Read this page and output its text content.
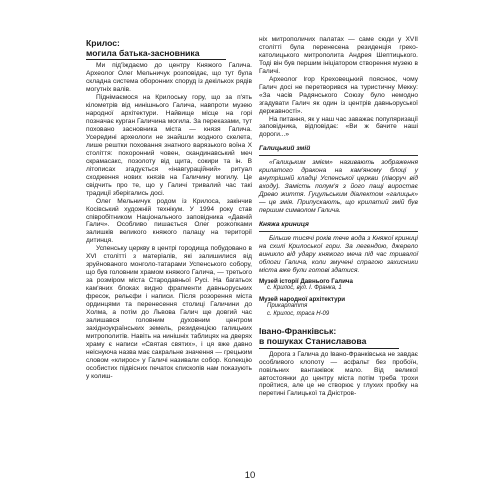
Крилос:
могила батька-засновника

Ми під'їждаємо до центру Княжого Галича. Археолог Олег Мельничук розповідає, що тут була складна система оборонних споруд із декількох рядів могутніх валів.

Піднімаємося на Крилоську гору, що за п'ять кілометрів від нинішнього Галича, навпроти музею народної архітектури. Найвище місце на горі позначає курган Галичина могила. За переказами, тут поховано засновника міста — князя Галича. Усередині археологи не знайшли жодного скелета, лише рештки поховання знатного варязького воїна Х століття: похоронний човен, скандинавський меч скрамасакс, позолоту від щита, сокири та ін. В літописах згадується «інавгураційний» ритуал сходження нових князів на Галичину могилу. Це свідчить про те, що у Галичі тривалий час такі традиції зберігались досі.

Олег Мельничук родом із Крилоса, закінчив Косівський художній технікум. У 1994 року став співробітником Національного заповідника «Давній Галич». Особливо пишається Олег розкопками залишків великого княжого палацу на території дитинця.

Успенську церкву в центрі городища побудовано в XVI столітті з матеріалів, які залишилися від зруйнованого монголо-татарами Успенського собору, що був головним храмом княжого Галича, — третього за розміром міста Стародавньої Русі. На багатьох кам'яних блоках видно фрагменти давньоруських фресок, рельєфи і написи. Після розорення міста ординцями та перенесення столиці Галичини до Холма, а потім до Львова Галич ще довгий час залишався головним духовним центром західноукраїнських земель, резиденцією галицьких митрополитів. Навіть на нинішніх таблицях на дверях храму є написи «Святая святих», і ця вже давно неіснуюча назва має сакральне значення — грецьким словом «клирос» у Галичі називали собор. Колекцію особистих підвісних печаток єпископів нам показують у колиш-

ніх митрополичих палатах — саме сюди у XVII столітті була перенесена резиденція греко-католицького митрополита Андрея Шептицького. Тоді він був першим ініціатором створення музею в Галичі.

Археолог Ігор Креховецький пояснює, чому Галич досі не перетворився на туристичну Мекку: «За часів Радянського Союзу було немодно згадувати Галич як один із центрів давньоруської державності».

На питання, як у наш час заважає популяризації заповідника, відповідає: «Ви ж бачите наші дороги...»

Галицький змій

«Галицьким змієм» називають зображення крилатого дракона на кам'яному блоці у внутрішній кладці Успенської церкви (ліворуч від входу). Замість полум'я з його пащі виростає Древо життя. Гуцульським діалектом «галицьк» — це змія. Припускають, що крилатий змій був першим символом Галича.

Княжа криниця

Більше тисячі років тече вода з Княжої криниці на схилі Крилоської гори. За легендою, джерело виникло від удару княжого меча під час тривалої облоги Галича, коли змучені спрагою захисники міста вже були готові здатися.

Музей історії Давнього Галича

с. Крилос, вул. І. Франка, 1

Музей народної архітектури

Прикарпаття

с. Крилос, траса Н-09

Івано-Франківськ:
в пошуках Станиславова

Дорога з Галича до Івано-Франківська не завдає особливого клопоту — асфальт без пробоїн, повільних вантажівок мало. Від великої автостоянки до центру міста потім треба трохи пройтися, але це не створює у глухих пробку на перетині Галицької та Дністров-

10
